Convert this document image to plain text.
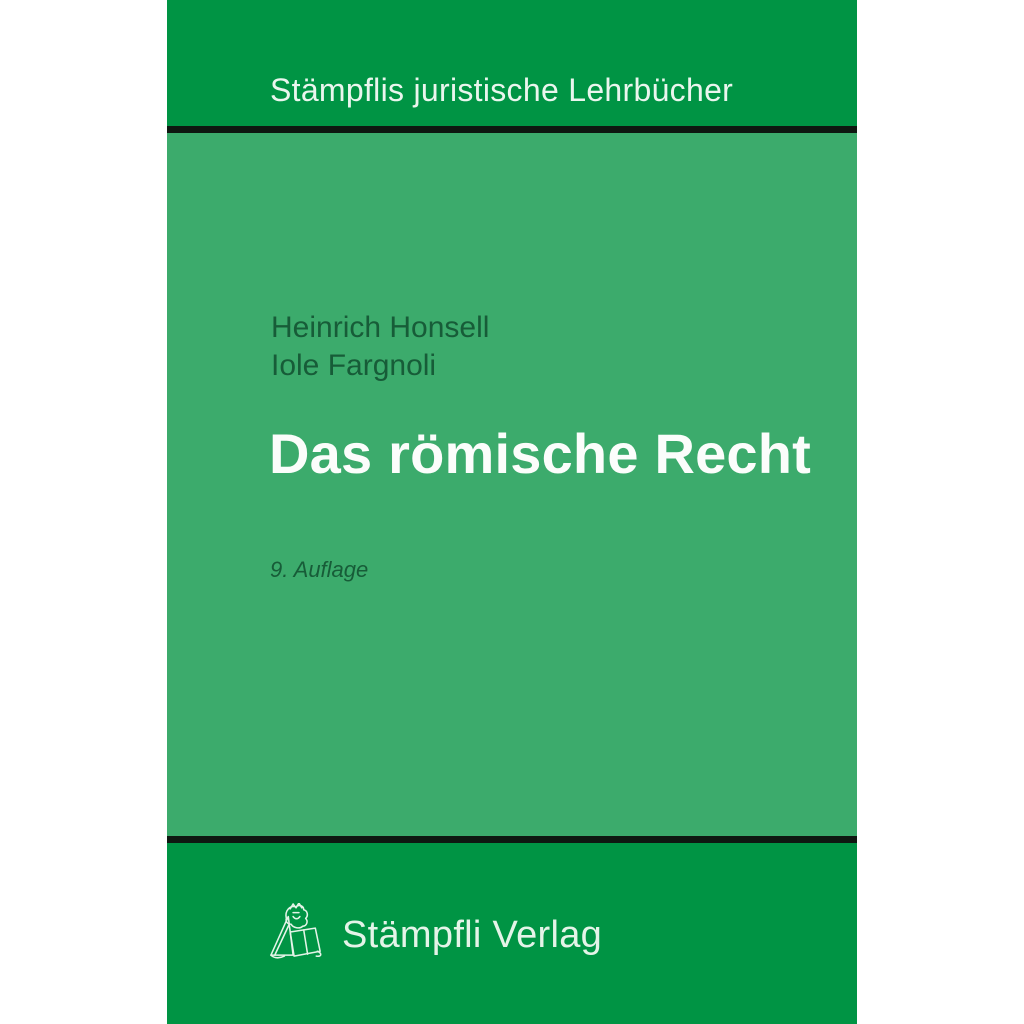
Stämpflis juristische Lehrbücher
Heinrich Honsell
Iole Fargnoli
Das römische Recht
9. Auflage
Stämpfli Verlag
